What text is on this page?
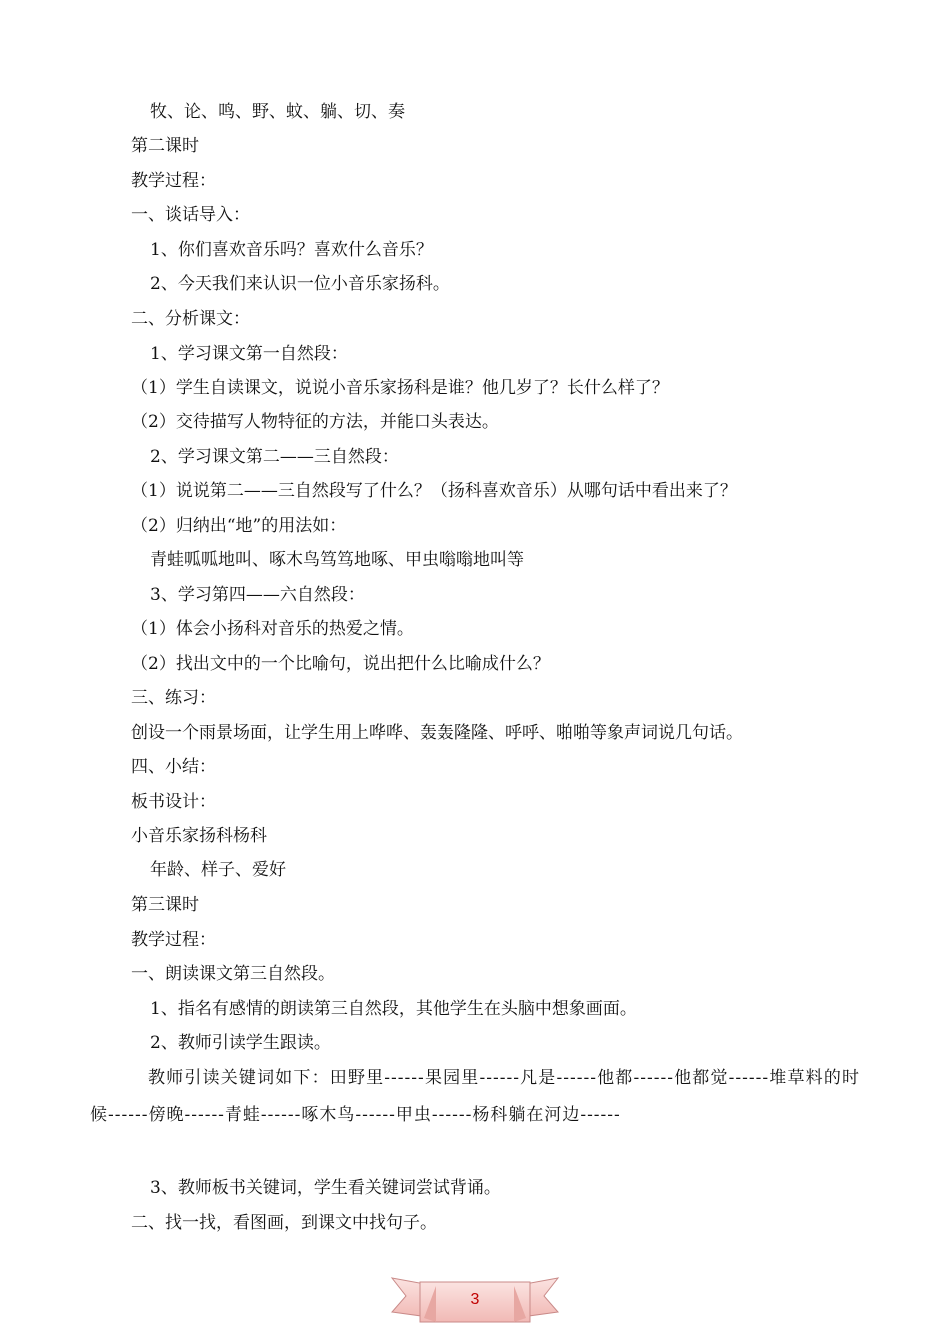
牧、论、鸣、野、蚊、躺、切、奏
第二课时
教学过程：
一、谈话导入：
1、你们喜欢音乐吗？喜欢什么音乐？
2、今天我们来认识一位小音乐家扬科。
二、分析课文：
1、学习课文第一自然段：
（1）学生自读课文，说说小音乐家扬科是谁？他几岁了？长什么样了？
（2）交待描写人物特征的方法，并能口头表达。
2、学习课文第二——三自然段：
（1）说说第二——三自然段写了什么？（扬科喜欢音乐）从哪句话中看出来了？
（2）归纳出“地”的用法如：
青蛙呱呱地叫、啄木鸟笃笃地啄、甲虫嗡嗡地叫等
3、学习第四——六自然段：
（1）体会小扬科对音乐的热爱之情。
（2）找出文中的一个比喻句，说出把什么比喻成什么？
三、练习：
创设一个雨景场面，让学生用上哗哗、轰轰隆隆、呼呼、啪啪等象声词说几句话。
四、小结：
板书设计：
小音乐家扬科杨科
年龄、样子、爱好
第三课时
教学过程：
一、朗读课文第三自然段。
1、指名有感情的朗读第三自然段，其他学生在头脑中想象画面。
2、教师引读学生跟读。
教师引读关键词如下：田野里------果园里------凡是------他都------他都觉------堆草料的时候------傍晚------青蛙------啄木鸟------甲虫------杨科躺在河边------
3、教师板书关键词，学生看关键词尝试背诵。
二、找一找，看图画，到课文中找句子。
3
